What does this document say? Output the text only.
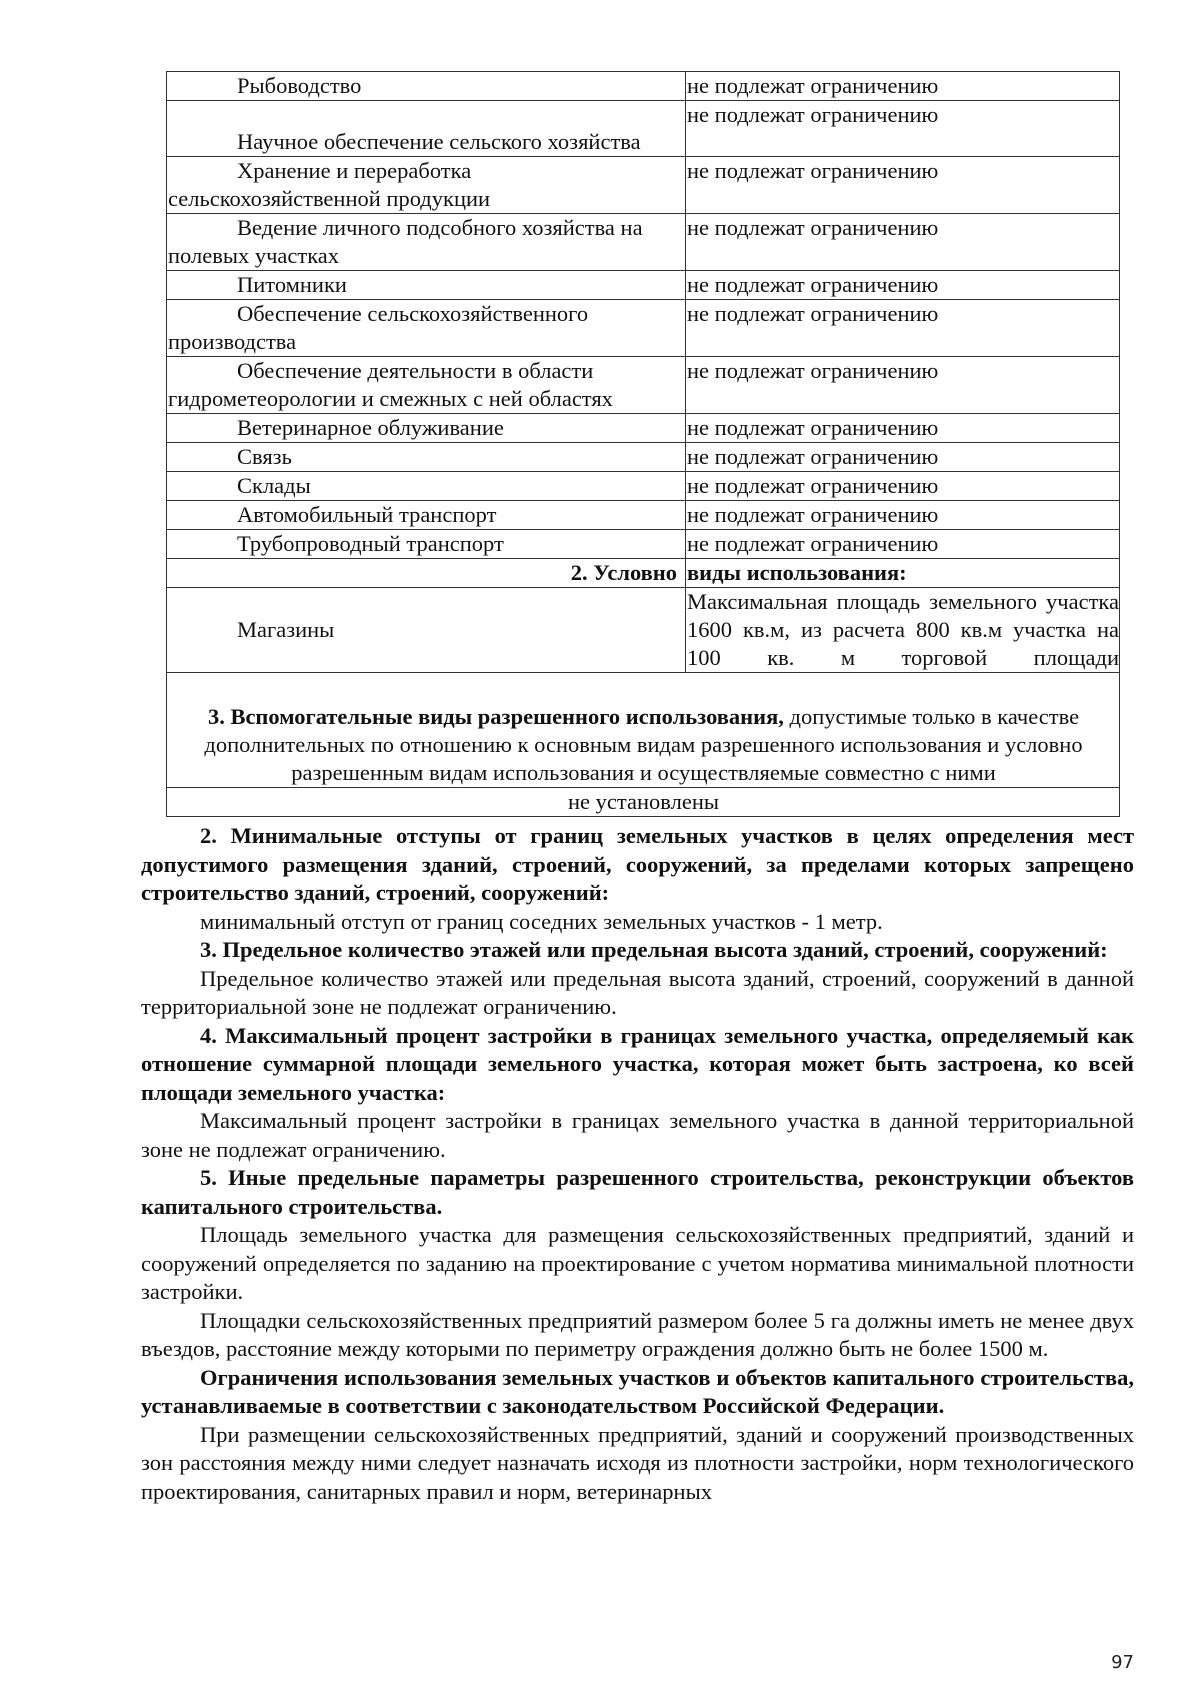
Рыбоводство	не подлежат ограничению
Научное обеспечение сельского хозяйства	не подлежат ограничению
Хранение и переработка сельскохозяйственной продукции	не подлежат ограничению
Ведение личного подсобного хозяйства на полевых участках	не подлежат ограничению
Питомники	не подлежат ограничению
Обеспечение сельскохозяйственного производства	не подлежат ограничению
Обеспечение деятельности в области гидрометеорологии и смежных с ней областях	не подлежат ограничению
Ветеринарное облуживание	не подлежат ограничению
Связь	не подлежат ограничению
Склады	не подлежат ограничению
Автомобильный транспорт	не подлежат ограничению
Трубопроводный транспорт	не подлежат ограничению
2. Условно	виды использования:
Магазины	Максимальная площадь земельного участка 1600 кв.м, из расчета 800 кв.м участка на 100 кв. м торговой площади
3. Вспомогательные виды разрешенного использования, допустимые только в качестве дополнительных по отношению к основным видам разрешенного использования и условно разрешенным видам использования и осуществляемые совместно с ними	
не установлены	

2. Минимальные отступы от границ земельных участков в целях определения мест допустимого размещения зданий, строений, сооружений, за пределами которых запрещено строительство зданий, строений, сооружений:

минимальный отступ от границ соседних земельных участков - 1 метр.

3. Предельное количество этажей или предельная высота зданий, строений, сооружений:

Предельное количество этажей или предельная высота зданий, строений, сооружений в данной территориальной зоне не подлежат ограничению.

4. Максимальный процент застройки в границах земельного участка, определяемый как отношение суммарной площади земельного участка, которая может быть застроена, ко всей площади земельного участка:

Максимальный процент застройки в границах земельного участка в данной территориальной зоне не подлежат ограничению.

5. Иные предельные параметры разрешенного строительства, реконструкции объектов капитального строительства.

Площадь земельного участка для размещения сельскохозяйственных предприятий, зданий и сооружений определяется по заданию на проектирование с учетом норматива минимальной плотности застройки.

Площадки сельскохозяйственных предприятий размером более 5 га должны иметь не менее двух въездов, расстояние между которыми по периметру ограждения должно быть не более 1500 м.

Ограничения использования земельных участков и объектов капитального строительства, устанавливаемые в соответствии с законодательством Российской Федерации.

При размещении сельскохозяйственных предприятий, зданий и сооружений производственных зон расстояния между ними следует назначать исходя из плотности застройки, норм технологического проектирования, санитарных правил и норм, ветеринарных

97
